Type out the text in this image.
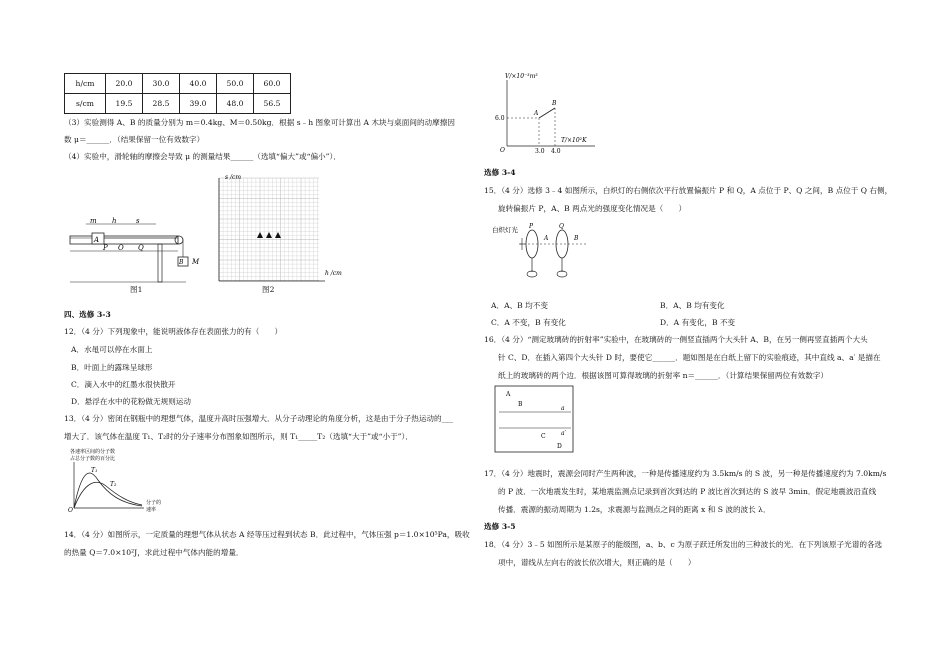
h/cm	20.0	30.0	40.0	50.0	60.0
s/cm	19.5	28.5	39.0	48.0	56.5
（3）实验测得 A、B 的质量分别为 m＝0.4kg、M＝0.50kg．根据 s﹣h 图象可计算出 A 木块与桌面间的动摩擦因
数 μ＝______．（结果保留一位有效数字）
（4）实验中，滑轮轴的摩擦会导致 μ 的测量结果______（选填“偏大”或“偏小”）．
m h	s
A
P O Q
B M
图1
s /cm
h /cm
图2
四、选修 3-3
12．（4 分）下列现象中，能说明液体存在表面张力的有（　　）
A．水黾可以停在水面上
B．叶面上的露珠呈球形
C．滴入水中的红墨水很快散开
D．悬浮在水中的花粉做无规则运动
13．（4 分）密闭在钢瓶中的理想气体，温度升高时压强增大．从分子动理论的角度分析，这是由于分子热运动的___
增大了．该气体在温度 T₁、T₂时的分子速率分布图象如图所示，则 T₁_____T₂（选填“大于”或“小于”）．
各速率区间的分子数
占总分子数的百分比
O
T₁
T₂
分子的
速率
14．（4 分）如图所示，一定质量的理想气体从状态 A 经等压过程到状态 B．此过程中，气体压强 p＝1.0×10⁵Pa，吸收
的热量 Q＝7.0×10²J，求此过程中气体内能的增量．
V/×10⁻³m³
T/×10²K
6.0
3.0 4.0
A
B
O
选修 3-4
15．（4 分）选修 3﹣4 如图所示，白炽灯的右侧依次平行放置偏振片 P 和 Q，A 点位于 P、Q 之间，B 点位于 Q 右侧，
旋转偏振片 P，A、B 两点光的强度变化情况是（　　）
白炽灯光 P	Q
A	B
A．A、B 均不变	B．A、B 均有变化
C．A 不变，B 有变化	D．A 有变化，B 不变
16．（4 分）“测定玻璃砖的折射率”实验中，在玻璃砖的一侧竖直插两个大头针 A、B，在另一侧再竖直插两个大头
针 C、D．在插入第四个大头针 D 时，要使它______．题如图是在白纸上留下的实验痕迹，其中直线 a、a′ 是描在
纸上的玻璃砖的两个边．根据该图可算得玻璃的折射率 n＝______．（计算结果保留两位有效数字）
A
B
a
a′
C
D
17．（4 分）地震时，震源会同时产生两种波，一种是传播速度约为 3.5km/s 的 S 波，另一种是传播速度约为 7.0km/s
的 P 波．一次地震发生时，某地震监测点记录到首次到达的 P 波比首次到达的 S 波早 3min．假定地震波沿直线
传播．震源的振动周期为 1.2s，求震源与监测点之间的距离 x 和 S 波的波长 λ．
选修 3-5
18．（4 分）3﹣5 如图所示是某原子的能级图，a、b、c 为原子跃迁所发出的三种波长的光．在下列该原子光谱的各选
项中，谱线从左向右的波长依次增大，则正确的是（　　）
